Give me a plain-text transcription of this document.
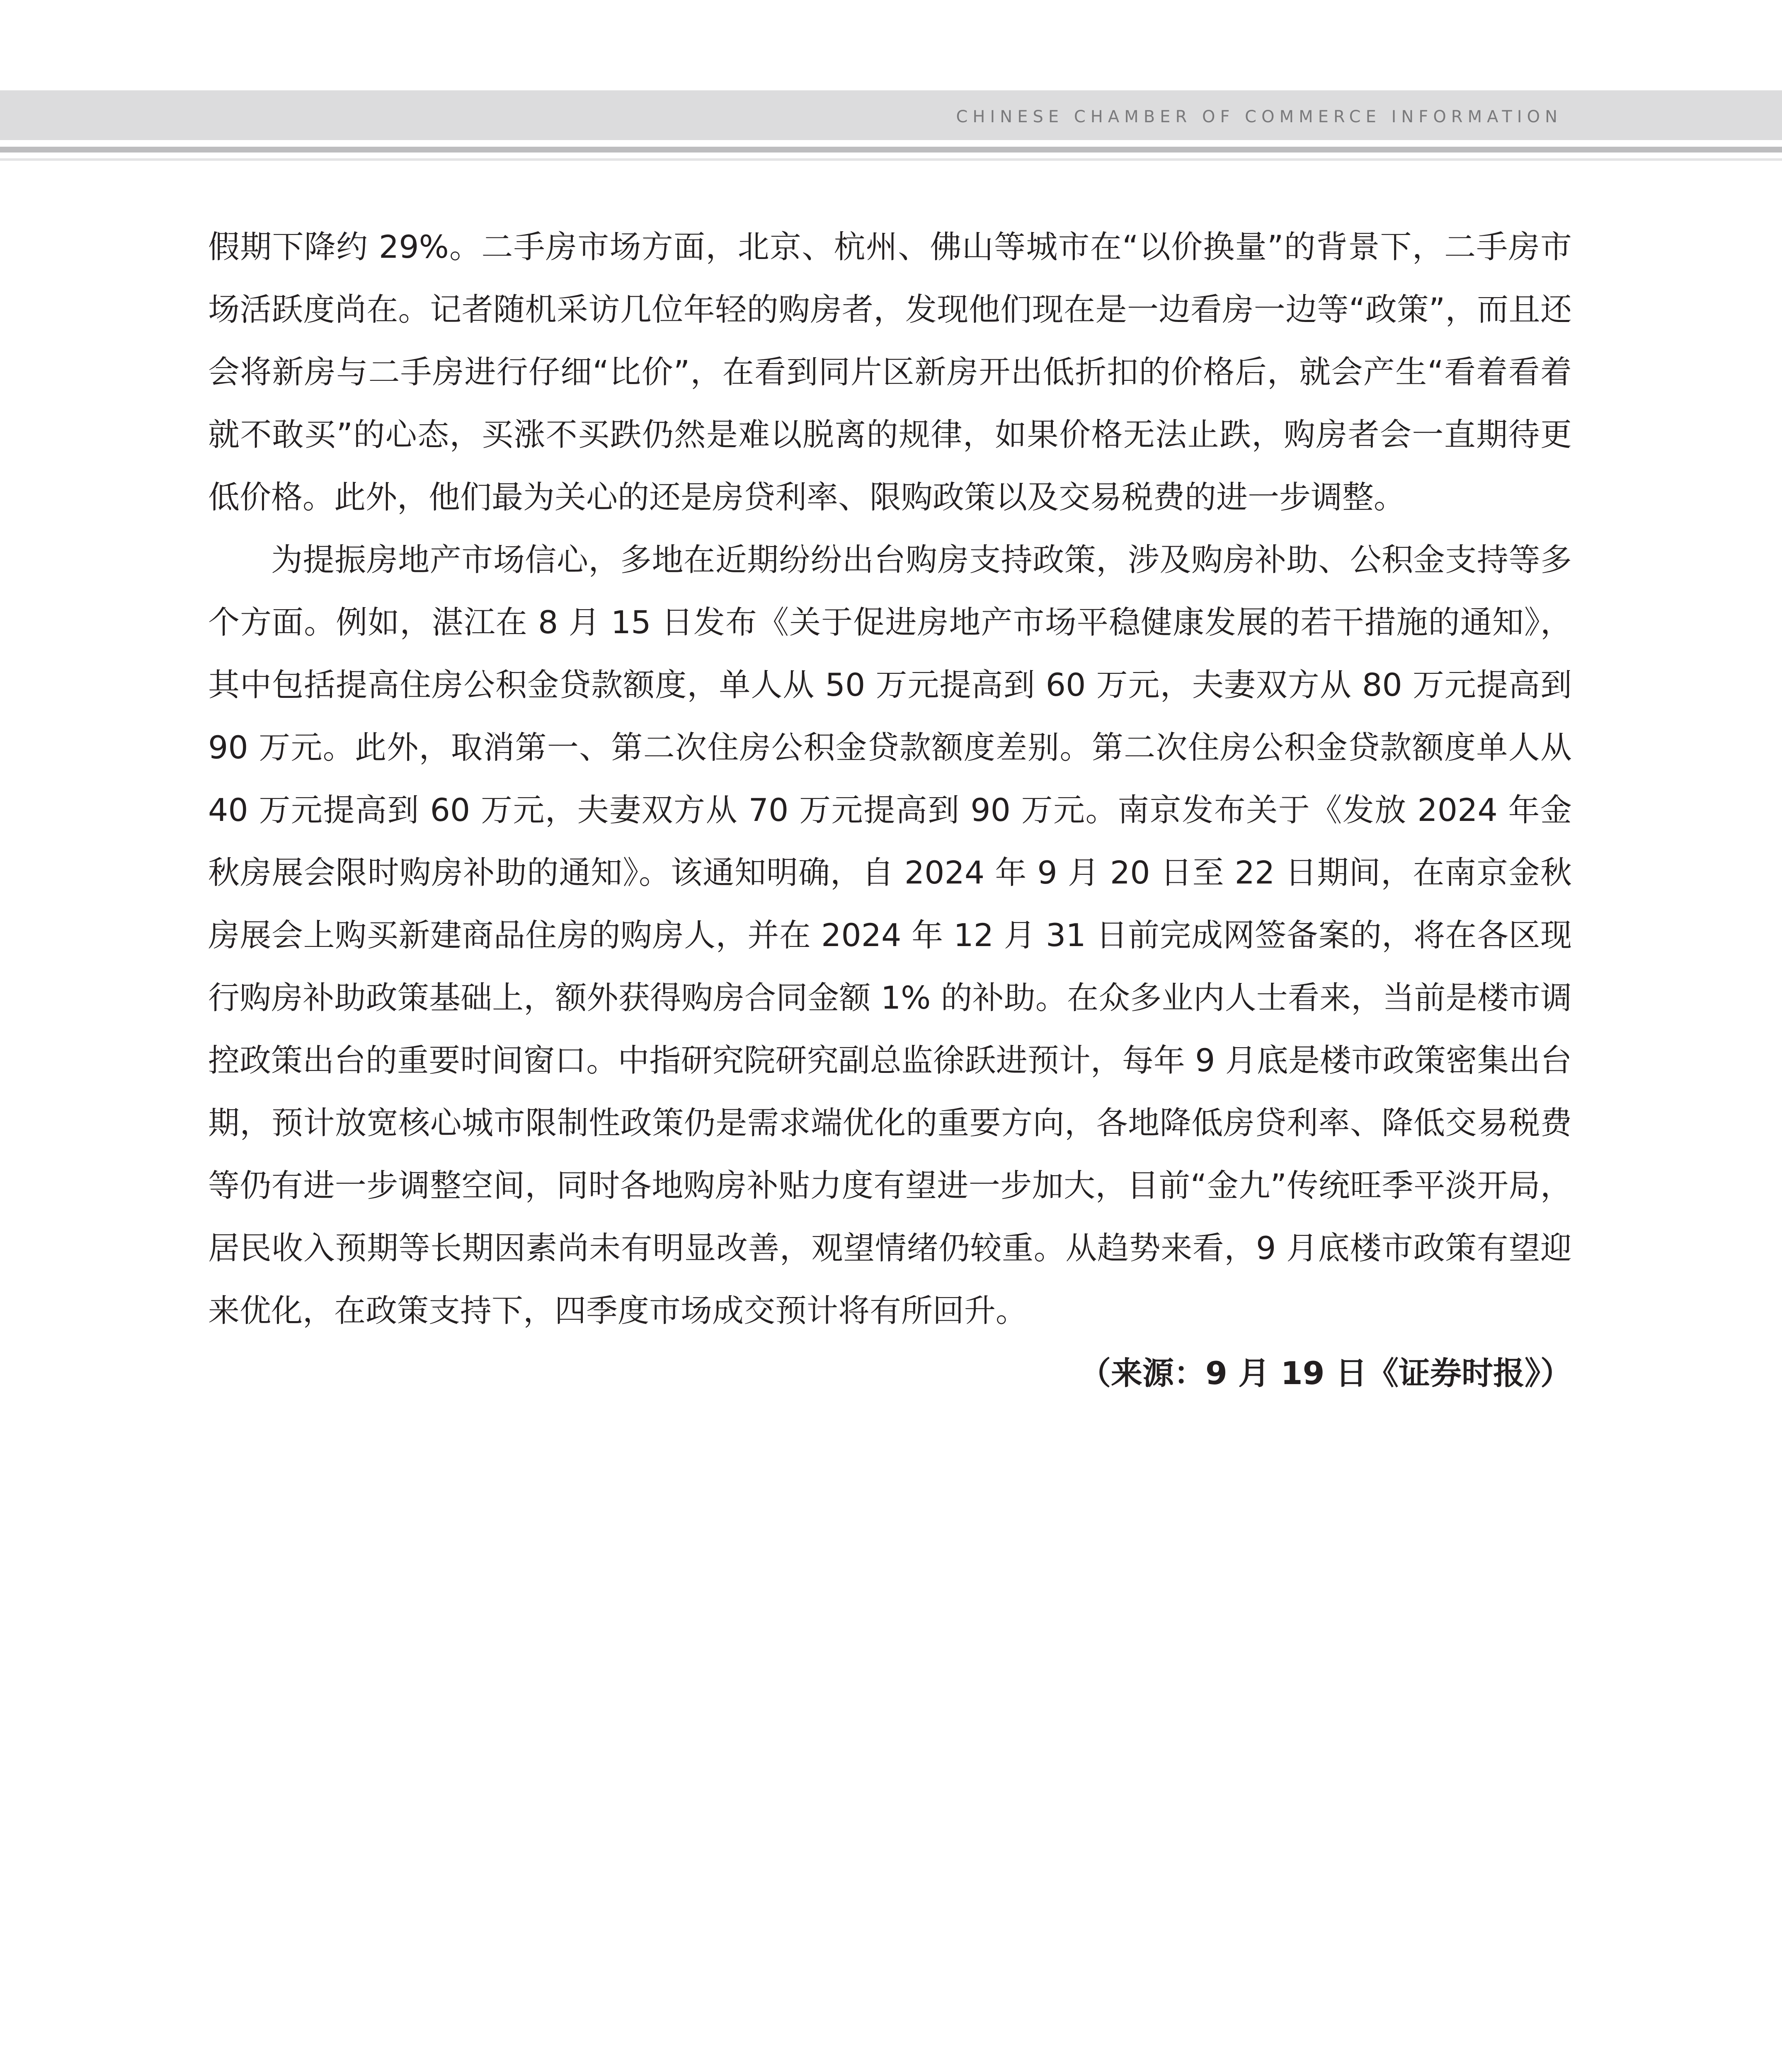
CHINESE CHAMBER OF COMMERCE INFORMATION

假期下降约 29%。二手房市场方面，北京、杭州、佛山等城市在“以价换量”的背景下，二手房市场活跃度尚在。记者随机采访几位年轻的购房者，发现他们现在是一边看房一边等“政策”，而且还会将新房与二手房进行仔细“比价”，在看到同片区新房开出低折扣的价格后，就会产生“看着看着就不敢买”的心态，买涨不买跌仍然是难以脱离的规律，如果价格无法止跌，购房者会一直期待更低价格。此外，他们最为关心的还是房贷利率、限购政策以及交易税费的进一步调整。

为提振房地产市场信心，多地在近期纷纷出台购房支持政策，涉及购房补助、公积金支持等多个方面。例如，湛江在 8 月 15 日发布《关于促进房地产市场平稳健康发展的若干措施的通知》，其中包括提高住房公积金贷款额度，单人从 50 万元提高到 60 万元，夫妻双方从 80 万元提高到 90 万元。此外，取消第一、第二次住房公积金贷款额度差别。第二次住房公积金贷款额度单人从 40 万元提高到 60 万元，夫妻双方从 70 万元提高到 90 万元。南京发布关于《发放 2024 年金秋房展会限时购房补助的通知》。该通知明确，自 2024 年 9 月 20 日至 22 日期间，在南京金秋房展会上购买新建商品住房的购房人，并在 2024 年 12 月 31 日前完成网签备案的，将在各区现行购房补助政策基础上，额外获得购房合同金额 1% 的补助。在众多业内人士看来，当前是楼市调控政策出台的重要时间窗口。中指研究院研究副总监徐跃进预计，每年 9 月底是楼市政策密集出台期，预计放宽核心城市限制性政策仍是需求端优化的重要方向，各地降低房贷利率、降低交易税费等仍有进一步调整空间，同时各地购房补贴力度有望进一步加大，目前“金九”传统旺季平淡开局，居民收入预期等长期因素尚未有明显改善，观望情绪仍较重。从趋势来看，9 月底楼市政策有望迎来优化，在政策支持下，四季度市场成交预计将有所回升。
（来源：9 月 19 日《证券时报》）
